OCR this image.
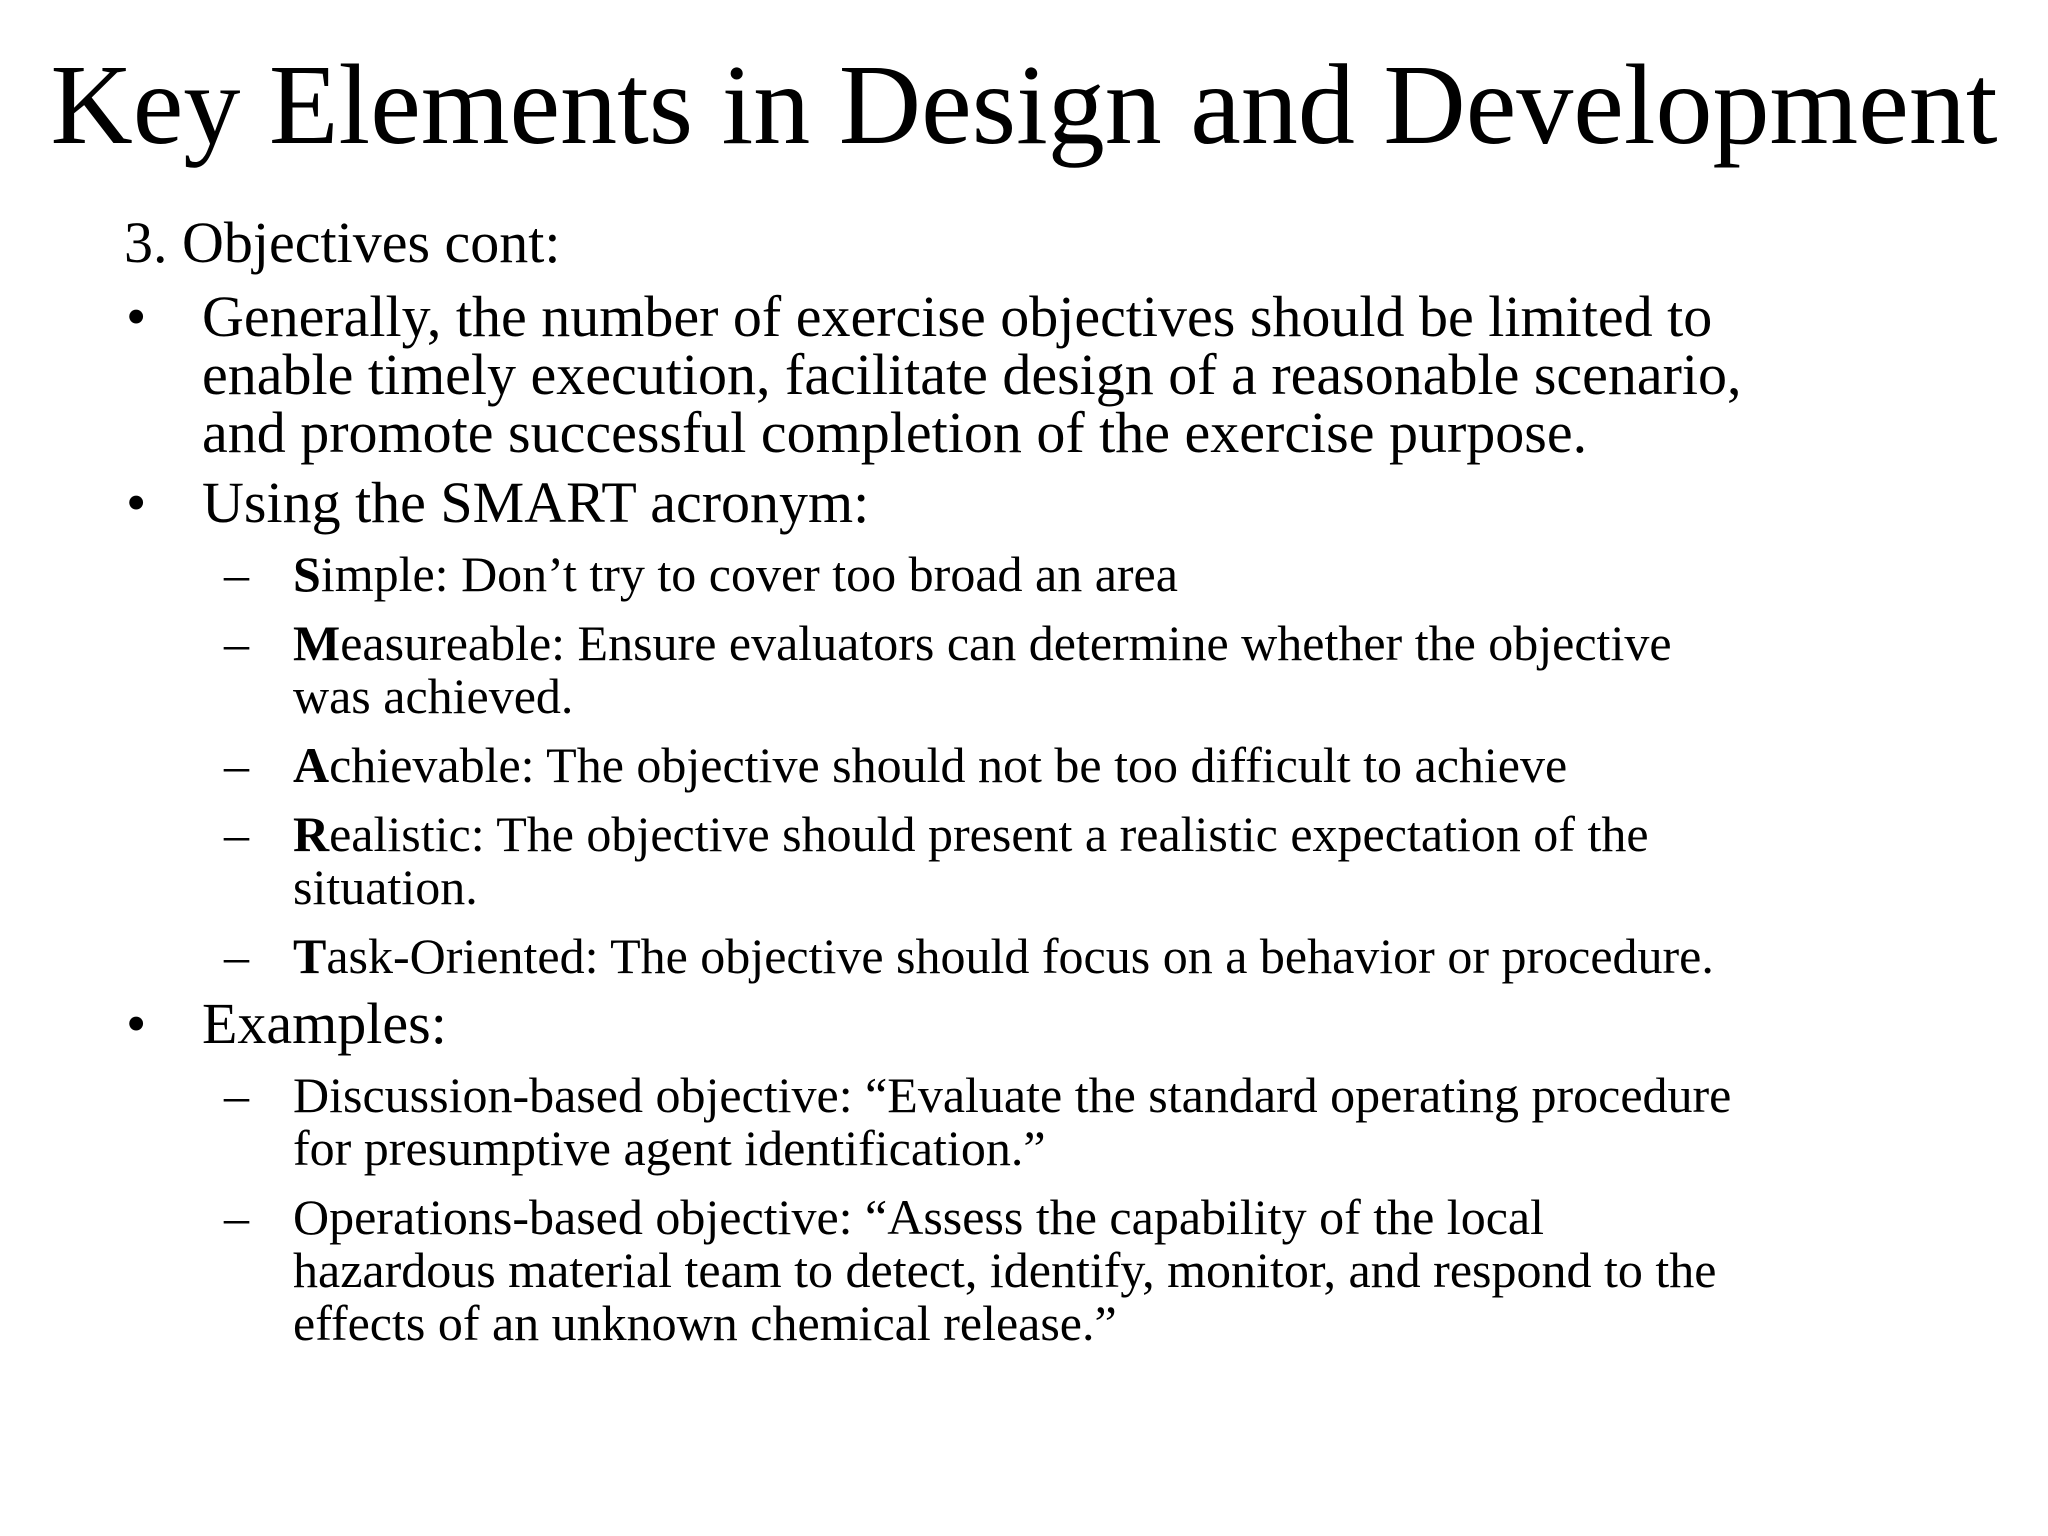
Key Elements in Design and Development
3. Objectives cont:
• Generally, the number of exercise objectives should be limited to
enable timely execution, facilitate design of a reasonable scenario,
and promote successful completion of the exercise purpose.
• Using the SMART acronym:
– Simple: Don’t try to cover too broad an area
– Measureable: Ensure evaluators can determine whether the objective
was achieved.
– Achievable: The objective should not be too difficult to achieve
– Realistic: The objective should present a realistic expectation of the
situation.
– Task-Oriented: The objective should focus on a behavior or procedure.
• Examples:
– Discussion-based objective: “Evaluate the standard operating procedure
for presumptive agent identification.”
– Operations-based objective: “Assess the capability of the local
hazardous material team to detect, identify, monitor, and respond to the
effects of an unknown chemical release.”
